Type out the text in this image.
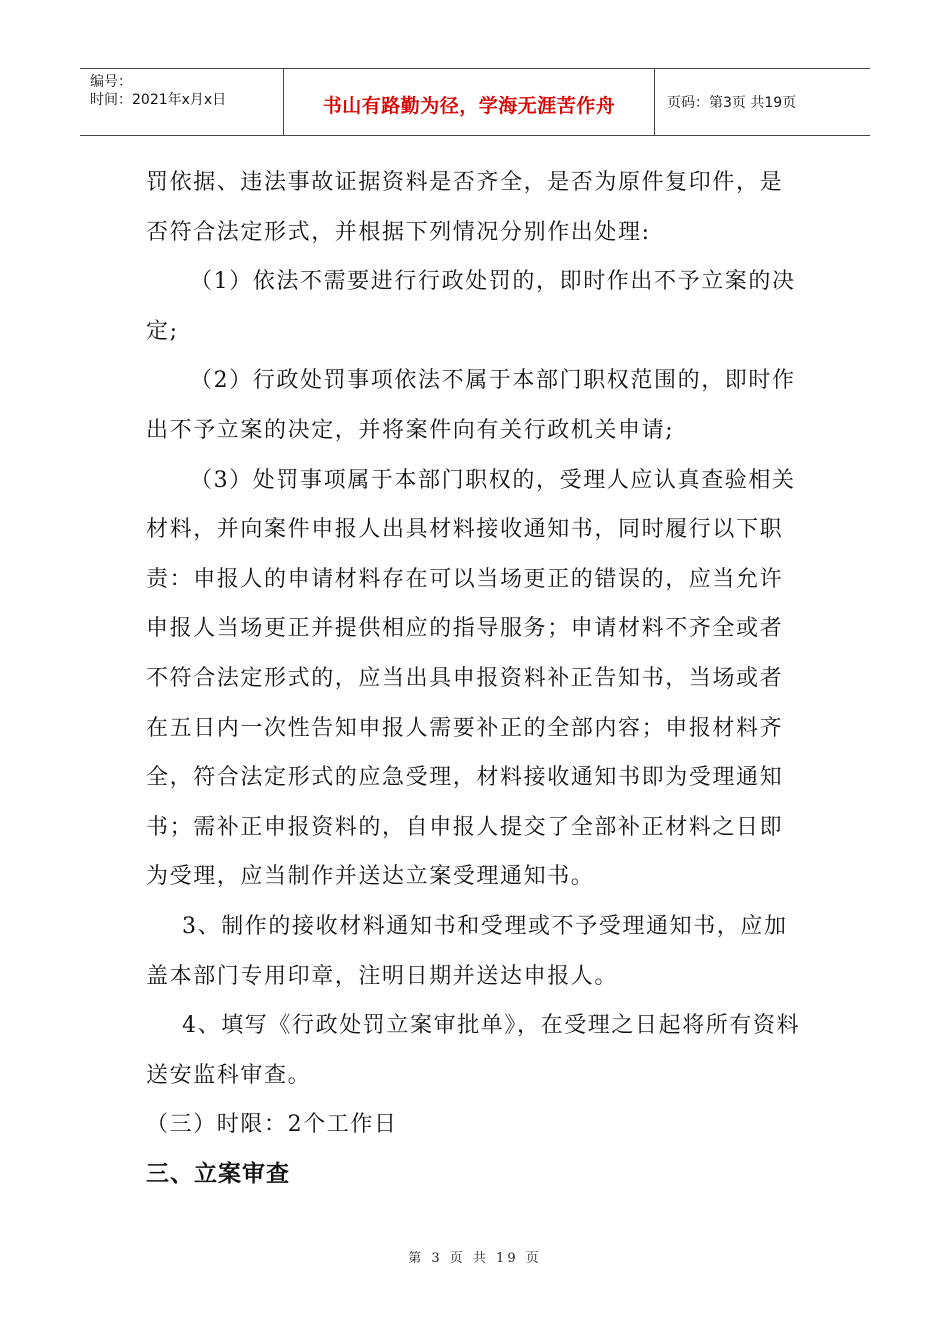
编号：
时间：2021年x月x日	书山有路勤为径，学海无涯苦作舟	页码：第3页 共19页

罚依据、违法事故证据资料是否齐全，是否为原件复印件，是否符合法定形式，并根据下列情况分别作出处理:

（1）依法不需要进行行政处罚的，即时作出不予立案的决定;

（2）行政处罚事项依法不属于本部门职权范围的，即时作出不予立案的决定，并将案件向有关行政机关申请;

（3）处罚事项属于本部门职权的，受理人应认真查验相关材料，并向案件申报人出具材料接收通知书，同时履行以下职责：申报人的申请材料存在可以当场更正的错误的，应当允许申报人当场更正并提供相应的指导服务；申请材料不齐全或者不符合法定形式的，应当出具申报资料补正告知书，当场或者在五日内一次性告知申报人需要补正的全部内容；申报材料齐全，符合法定形式的应急受理，材料接收通知书即为受理通知书；需补正申报资料的，自申报人提交了全部补正材料之日即为受理，应当制作并送达立案受理通知书。

3、制作的接收材料通知书和受理或不予受理通知书，应加盖本部门专用印章，注明日期并送达申报人。

4、填写《行政处罚立案审批单》，在受理之日起将所有资料送安监科审查。

（三）时限：2个工作日

三、立案审查

第 3 页 共 19 页
